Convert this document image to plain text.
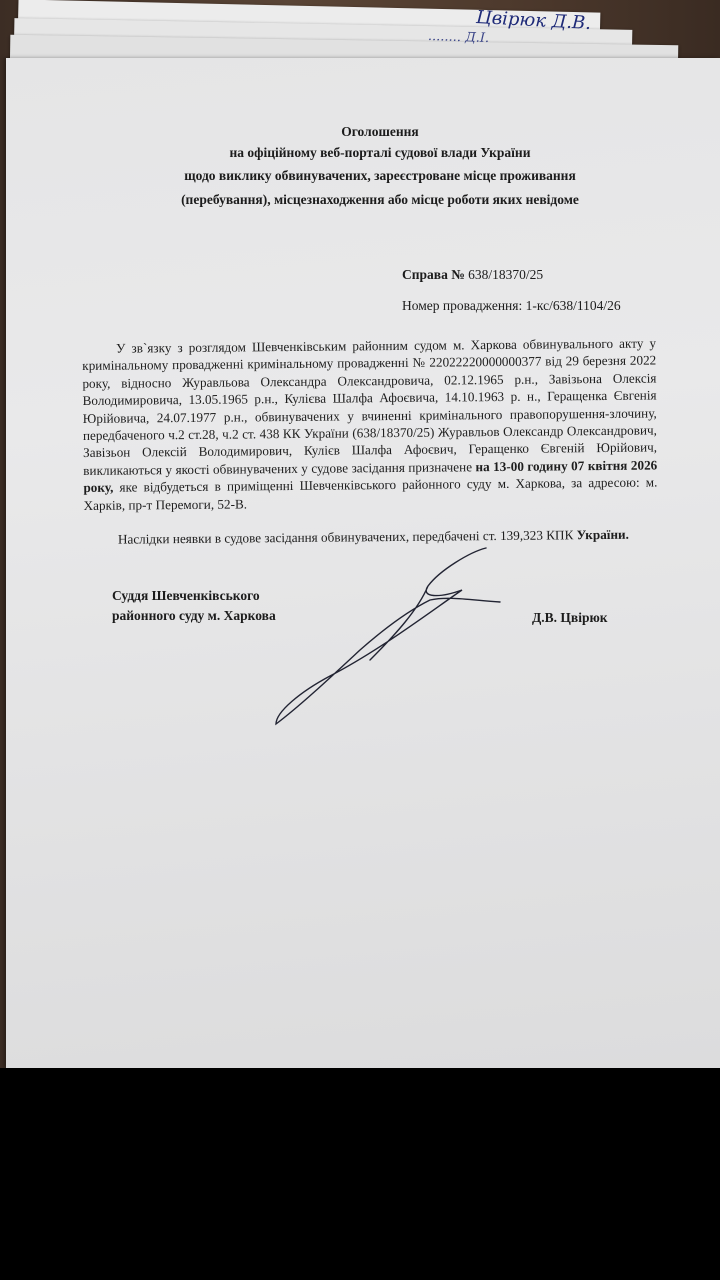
Цвірюк Д.В.
........ Д.І.
Оголошення
на офіційному веб-порталі судової влади України
щодо виклику обвинувачених, зареєстроване місце проживання
(перебування), місцезнаходження або місце роботи яких невідоме
Справа № 638/18370/25
Номер провадження: 1-кс/638/1104/26

У зв`язку з розглядом Шевченківським районним судом м. Харкова обвинувального акту у кримінальному провадженні кримінальному провадженні № 22022220000000377 від 29 березня 2022 року, відносно Журавльова Олександра Олександровича, 02.12.1965 р.н., Завізьона Олексія Володимировича, 13.05.1965 р.н., Кулієва Шалфа Афоєвича, 14.10.1963 р. н., Геращенка Євгенія Юрійовича, 24.07.1977 р.н., обвинувачених у вчиненні кримінального правопорушення-злочину, передбаченого ч.2 ст.28, ч.2 ст. 438 КК України (638/18370/25) Журавльов Олександр Олександрович, Завізьон Олексій Володимирович, Кулієв Шалфа Афоєвич, Геращенко Євгеній Юрійович, викликаються у якості обвинувачених у судове засідання призначене на 13-00 годину 07 квітня 2026 року, яке відбудеться в приміщенні Шевченківського районного суду м. Харкова, за адресою: м. Харків, пр-т Перемоги, 52-В.

Наслідки неявки в судове засідання обвинувачених, передбачені ст. 139,323 КПК України.

Суддя Шевченківського
районного суду м. Харкова	Д.В. Цвірюк
